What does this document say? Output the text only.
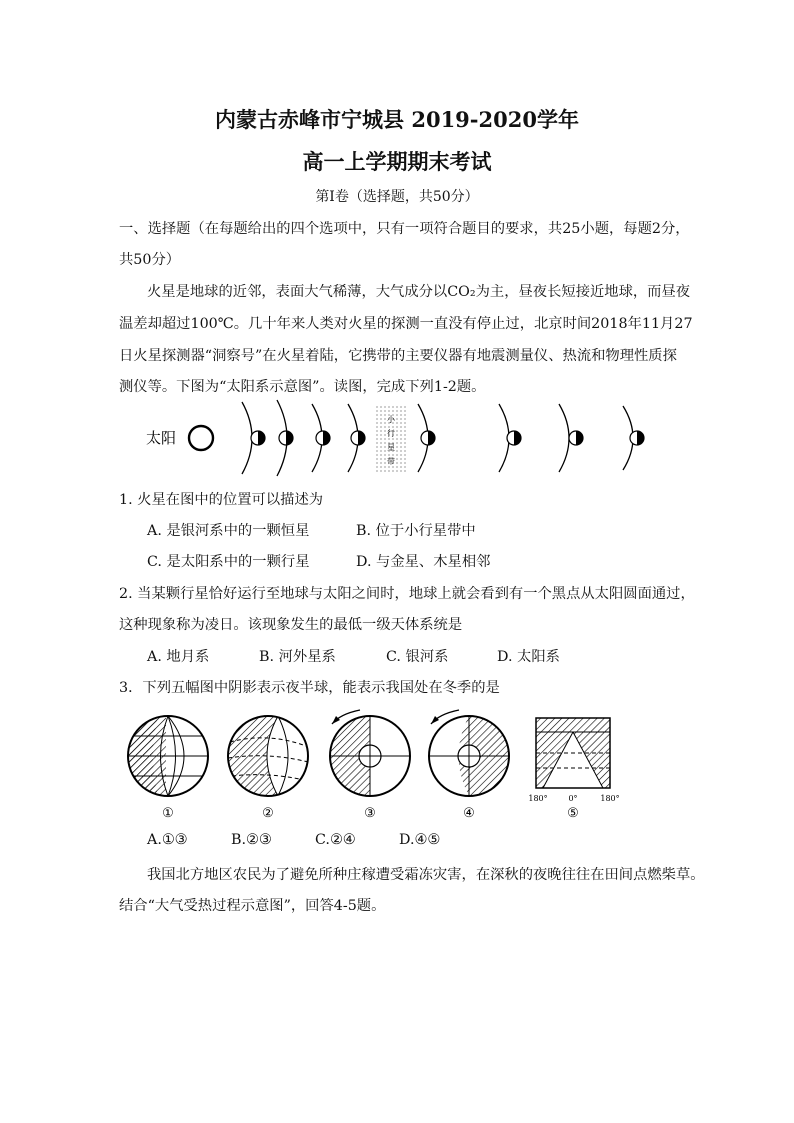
内蒙古赤峰市宁城县 2019-2020学年
高一上学期期末考试
第Ⅰ卷（选择题，共50分）
一、选择题（在每题给出的四个选项中，只有一项符合题目的要求，共25小题，每题2分，
共50分）
火星是地球的近邻，表面大气稀薄，大气成分以CO₂为主，昼夜长短接近地球，而昼夜
温差却超过100℃。几十年来人类对火星的探测一直没有停止过，北京时间2018年11月27
日火星探测器“洞察号”在火星着陆，它携带的主要仪器有地震测量仪、热流和物理性质探
测仪等。下图为“太阳系示意图”。读图，完成下列1-2题。
太阳
小
行
星
带
1. 火星在图中的位置可以描述为
A. 是银河系中的一颗恒星	B. 位于小行星带中
C. 是太阳系中的一颗行星	D. 与金星、木星相邻
2. 当某颗行星恰好运行至地球与太阳之间时，地球上就会看到有一个黑点从太阳圆面通过，
这种现象称为凌日。该现象发生的最低一级天体系统是
A. 地月系	B. 河外星系	C. 银河系	D. 太阳系
3．下列五幅图中阴影表示夜半球，能表示我国处在冬季的是
①	②	③	④
180°	0°	180°
⑤
A.①③	B.②③	C.②④	D.④⑤
我国北方地区农民为了避免所种庄稼遭受霜冻灾害，在深秋的夜晚往往在田间点燃柴草。
结合“大气受热过程示意图”，回答4-5题。
